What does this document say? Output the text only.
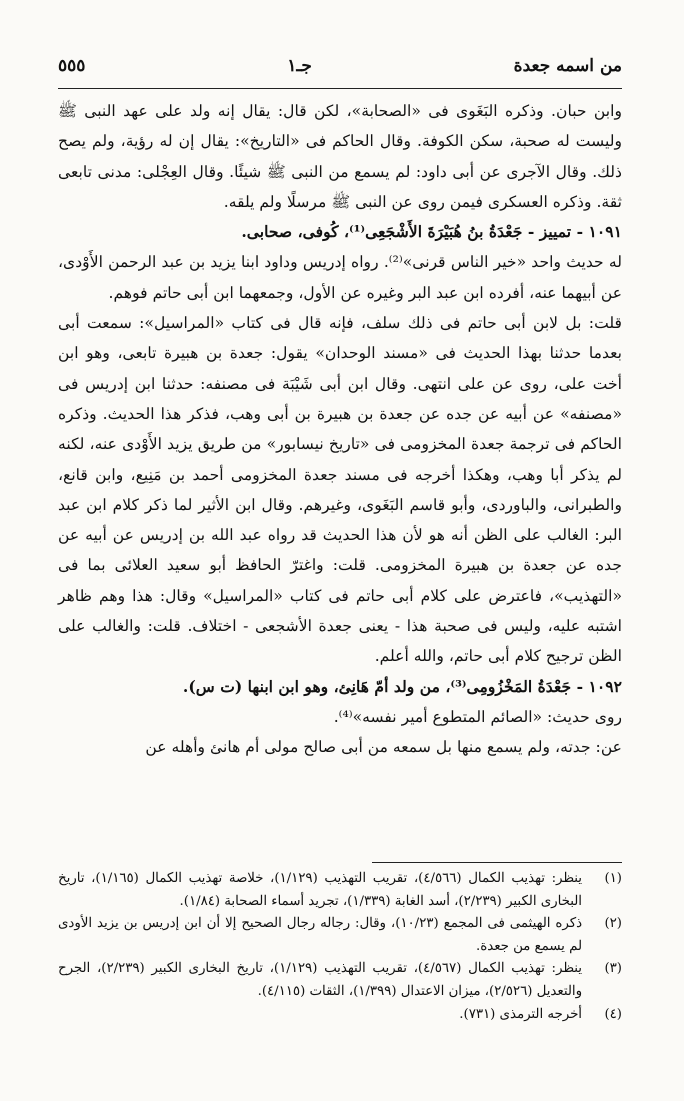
من اسمه جعدة
جـ١
٥٥٥

وابن حبان. وذكره البَغَوى فى «الصحابة»، لكن قال: يقال إنه ولد على عهد النبى ﷺ وليست له صحبة، سكن الكوفة. وقال الحاكم فى «التاريخ»: يقال إن له رؤية، ولم يصح ذلك. وقال الآجرى عن أبى داود: لم يسمع من النبى ﷺ شيئًا. وقال العِجْلى: مدنى تابعى ثقة. وذكره العسكرى فيمن روى عن النبى ﷺ مرسلًا ولم يلقه.

١٠٩١ - تمييز - جَعْدَةُ بنُ هُبَيْرَةَ الأَشْجَعِى⁽¹⁾، كُوفى، صحابى.

له حديث واحد «خير الناس قرنى»⁽²⁾. رواه إدريس وداود ابنا يزيد بن عبد الرحمن الأَوْدى، عن أبيهما عنه، أفرده ابن عبد البر وغيره عن الأول، وجمعهما ابن أبى حاتم فوهم.

قلت: بل لابن أبى حاتم فى ذلك سلف، فإنه قال فى كتاب «المراسيل»: سمعت أبى بعدما حدثنا بهذا الحديث فى «مسند الوحدان» يقول: جعدة بن هبيرة تابعى، وهو ابن أخت على، روى عن على انتهى. وقال ابن أبى شَيْبَة فى مصنفه: حدثنا ابن إدريس فى «مصنفه» عن أبيه عن جده عن جعدة بن هبيرة بن أبى وهب، فذكر هذا الحديث. وذكره الحاكم فى ترجمة جعدة المخزومى فى «تاريخ نيسابور» من طريق يزيد الأَوْدى عنه، لكنه لم يذكر أبا وهب، وهكذا أخرجه فى مسند جعدة المخزومى أحمد بن مَنِيع، وابن قانع، والطبرانى، والباوردى، وأبو قاسم البَغَوى، وغيرهم. وقال ابن الأثير لما ذكر كلام ابن عبد البر: الغالب على الظن أنه هو لأن هذا الحديث قد رواه عبد الله بن إدريس عن أبيه عن جده عن جعدة بن هبيرة المخزومى. قلت: واغترّ الحافظ أبو سعيد العلائى بما فى «التهذيب»، فاعترض على كلام أبى حاتم فى كتاب «المراسيل» وقال: هذا وهم ظاهر اشتبه عليه، وليس فى صحبة هذا - يعنى جعدة الأشجعى - اختلاف. قلت: والغالب على الظن ترجيح كلام أبى حاتم، والله أعلم.

١٠٩٢ - جَعْدَةُ المَخْزُومِى⁽³⁾، من ولد أمّ هَانِئ، وهو ابن ابنها (ت س).

روى حديث: «الصائم المتطوع أمير نفسه»⁽⁴⁾.

عن: جدته، ولم يسمع منها بل سمعه من أبى صالح مولى أم هانئ وأهله عن

(١)
ينظر: تهذيب الكمال (٤/٥٦٦)، تقريب التهذيب (١/١٢٩)، خلاصة تهذيب الكمال (١/١٦٥)، تاريخ البخارى الكبير (٢/٢٣٩)، أسد الغابة (١/٣٣٩)، تجريد أسماء الصحابة (١/٨٤).
(٢)
ذكره الهيثمى فى المجمع (١٠/٢٣)، وقال: رجاله رجال الصحيح إلا أن ابن إدريس بن يزيد الأودى لم يسمع من جعدة.
(٣)
ينظر: تهذيب الكمال (٤/٥٦٧)، تقريب التهذيب (١/١٢٩)، تاريخ البخارى الكبير (٢/٢٣٩)، الجرح والتعديل (٢/٥٢٦)، ميزان الاعتدال (١/٣٩٩)، الثقات (٤/١١٥).
(٤)
أخرجه الترمذى (٧٣١).
